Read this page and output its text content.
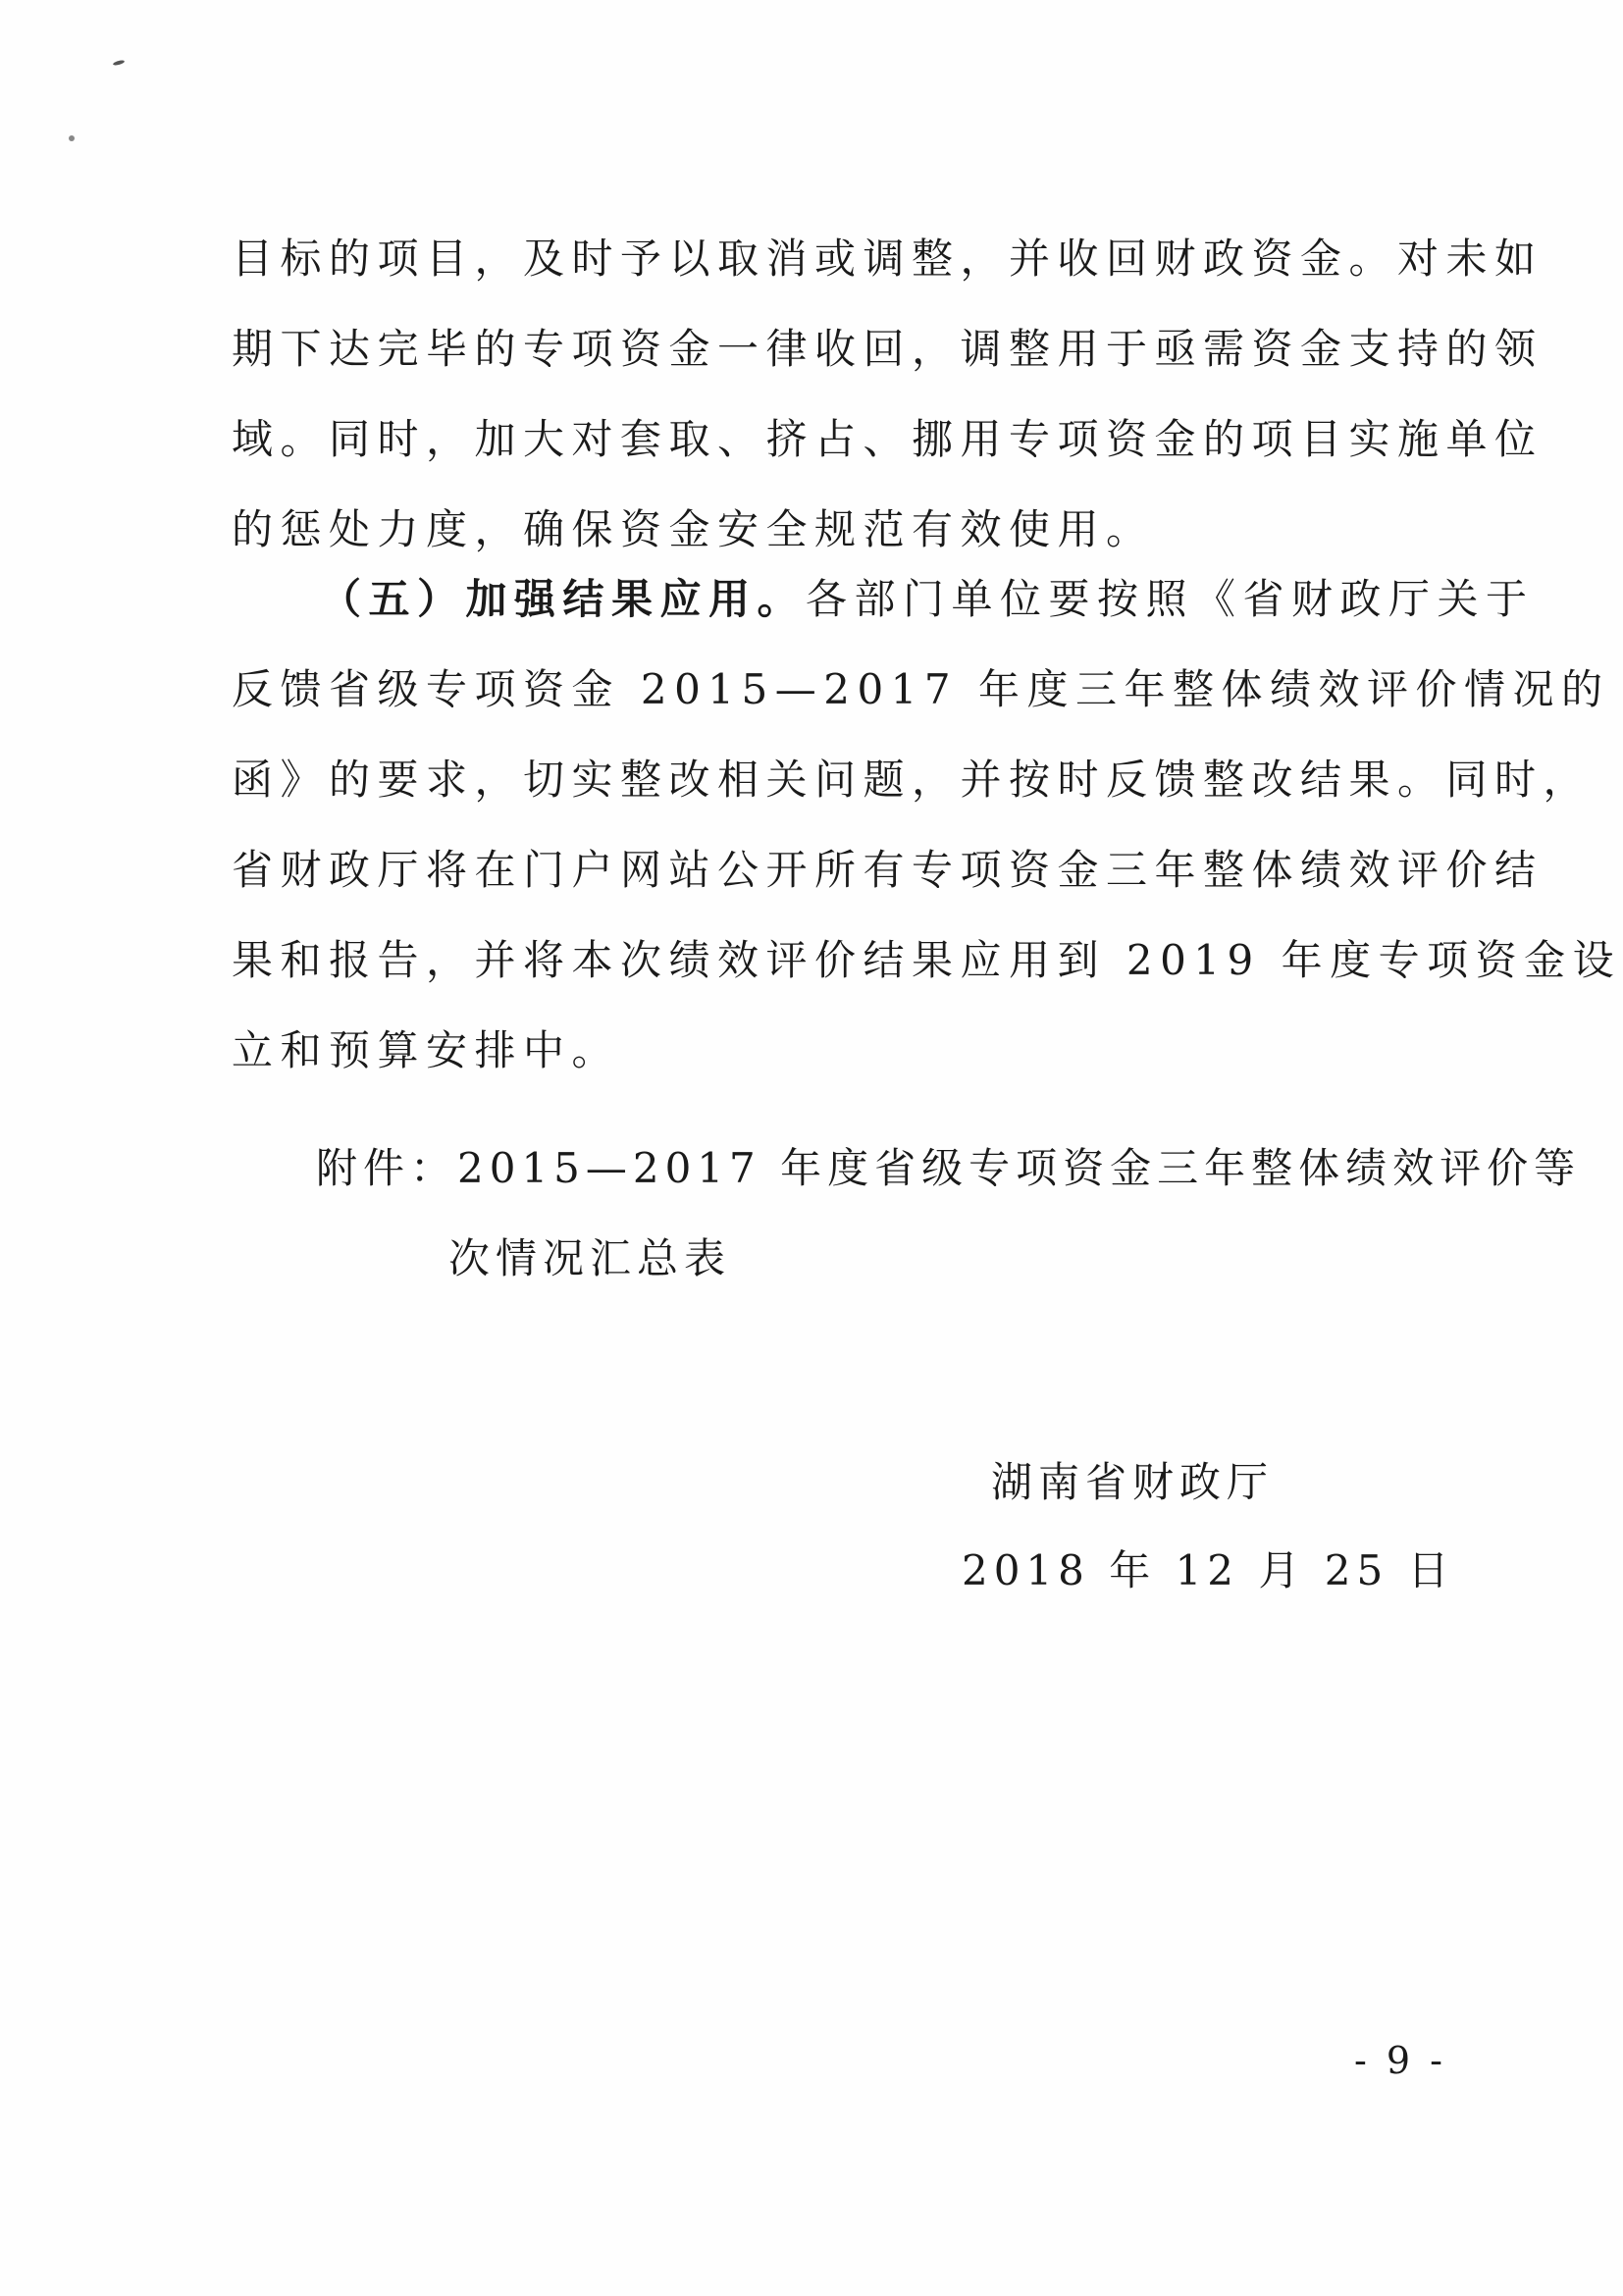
目标的项目，及时予以取消或调整，并收回财政资金。对未如
期下达完毕的专项资金一律收回，调整用于亟需资金支持的领
域。同时，加大对套取、挤占、挪用专项资金的项目实施单位
的惩处力度，确保资金安全规范有效使用。
（五）加强结果应用。各部门单位要按照《省财政厅关于
反馈省级专项资金 2015—2017 年度三年整体绩效评价情况的
函》的要求，切实整改相关问题，并按时反馈整改结果。同时，
省财政厅将在门户网站公开所有专项资金三年整体绩效评价结
果和报告，并将本次绩效评价结果应用到 2019 年度专项资金设
立和预算安排中。
附件：2015—2017 年度省级专项资金三年整体绩效评价等
次情况汇总表
湖南省财政厅
2018 年 12 月 25 日
- 9 -
